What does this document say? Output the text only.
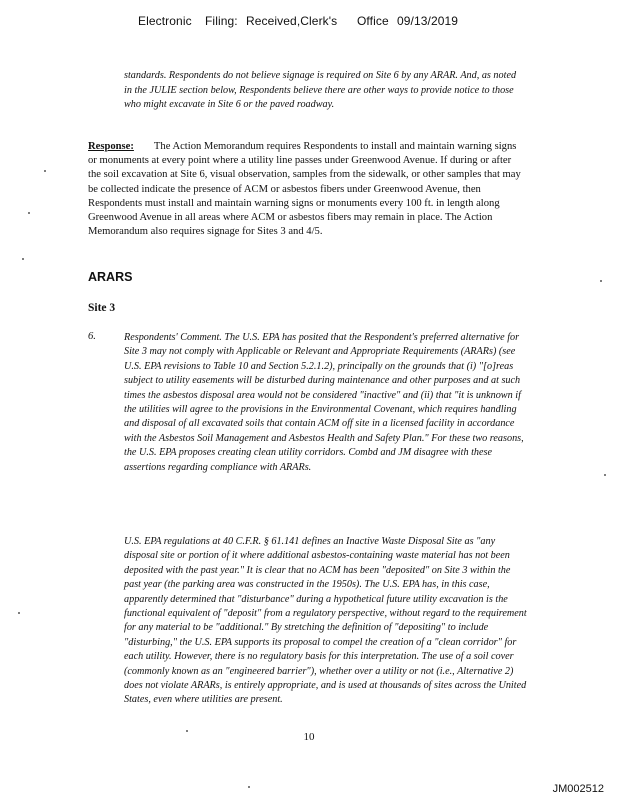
Electronic Filing: Received,Clerk's Office 09/13/2019
standards. Respondents do not believe signage is required on Site 6 by any ARAR. And, as noted in the JULIE section below, Respondents believe there are other ways to provide notice to those who might excavate in Site 6 or the paved roadway.
Response: The Action Memorandum requires Respondents to install and maintain warning signs or monuments at every point where a utility line passes under Greenwood Avenue. If during or after the soil excavation at Site 6, visual observation, samples from the sidewalk, or other samples that may be collected indicate the presence of ACM or asbestos fibers under Greenwood Avenue, then Respondents must install and maintain warning signs or monuments every 100 ft. in length along Greenwood Avenue in all areas where ACM or asbestos fibers may remain in place. The Action Memorandum also requires signage for Sites 3 and 4/5.
ARARS
Site 3
6.	Respondents' Comment. The U.S. EPA has posited that the Respondent's preferred alternative for Site 3 may not comply with Applicable or Relevant and Appropriate Requirements (ARARs) (see U.S. EPA revisions to Table 10 and Section 5.2.1.2), principally on the grounds that (i) "[o]reas subject to utility easements will be disturbed during maintenance and other purposes and at such times the asbestos disposal area would not be considered "inactive" and (ii) that "it is unknown if the utilities will agree to the provisions in the Environmental Covenant, which requires handling and disposal of all excavated soils that contain ACM off site in a licensed facility in accordance with the Asbestos Soil Management and Asbestos Health and Safety Plan." For these two reasons, the U.S. EPA proposes creating clean utility corridors. Combd and JM disagree with these assertions regarding compliance with ARARs.
U.S. EPA regulations at 40 C.F.R. § 61.141 defines an Inactive Waste Disposal Site as "any disposal site or portion of it where additional asbestos-containing waste material has not been deposited with the past year." It is clear that no ACM has been "deposited" on Site 3 within the past year (the parking area was constructed in the 1950s). The U.S. EPA has, in this case, apparently determined that "disturbance" during a hypothetical future utility excavation is the functional equivalent of "deposit" from a regulatory perspective, without regard to the requirement for any material to be "additional." By stretching the definition of "depositing" to include "disturbing," the U.S. EPA supports its proposal to compel the creation of a "clean corridor" for each utility. However, there is no regulatory basis for this interpretation. The use of a soil cover (commonly known as an "engineered barrier"), whether over a utility or not (i.e., Alternative 2) does not violate ARARs, is entirely appropriate, and is used at thousands of sites across the United States, even where utilities are present.
10
JM002512
